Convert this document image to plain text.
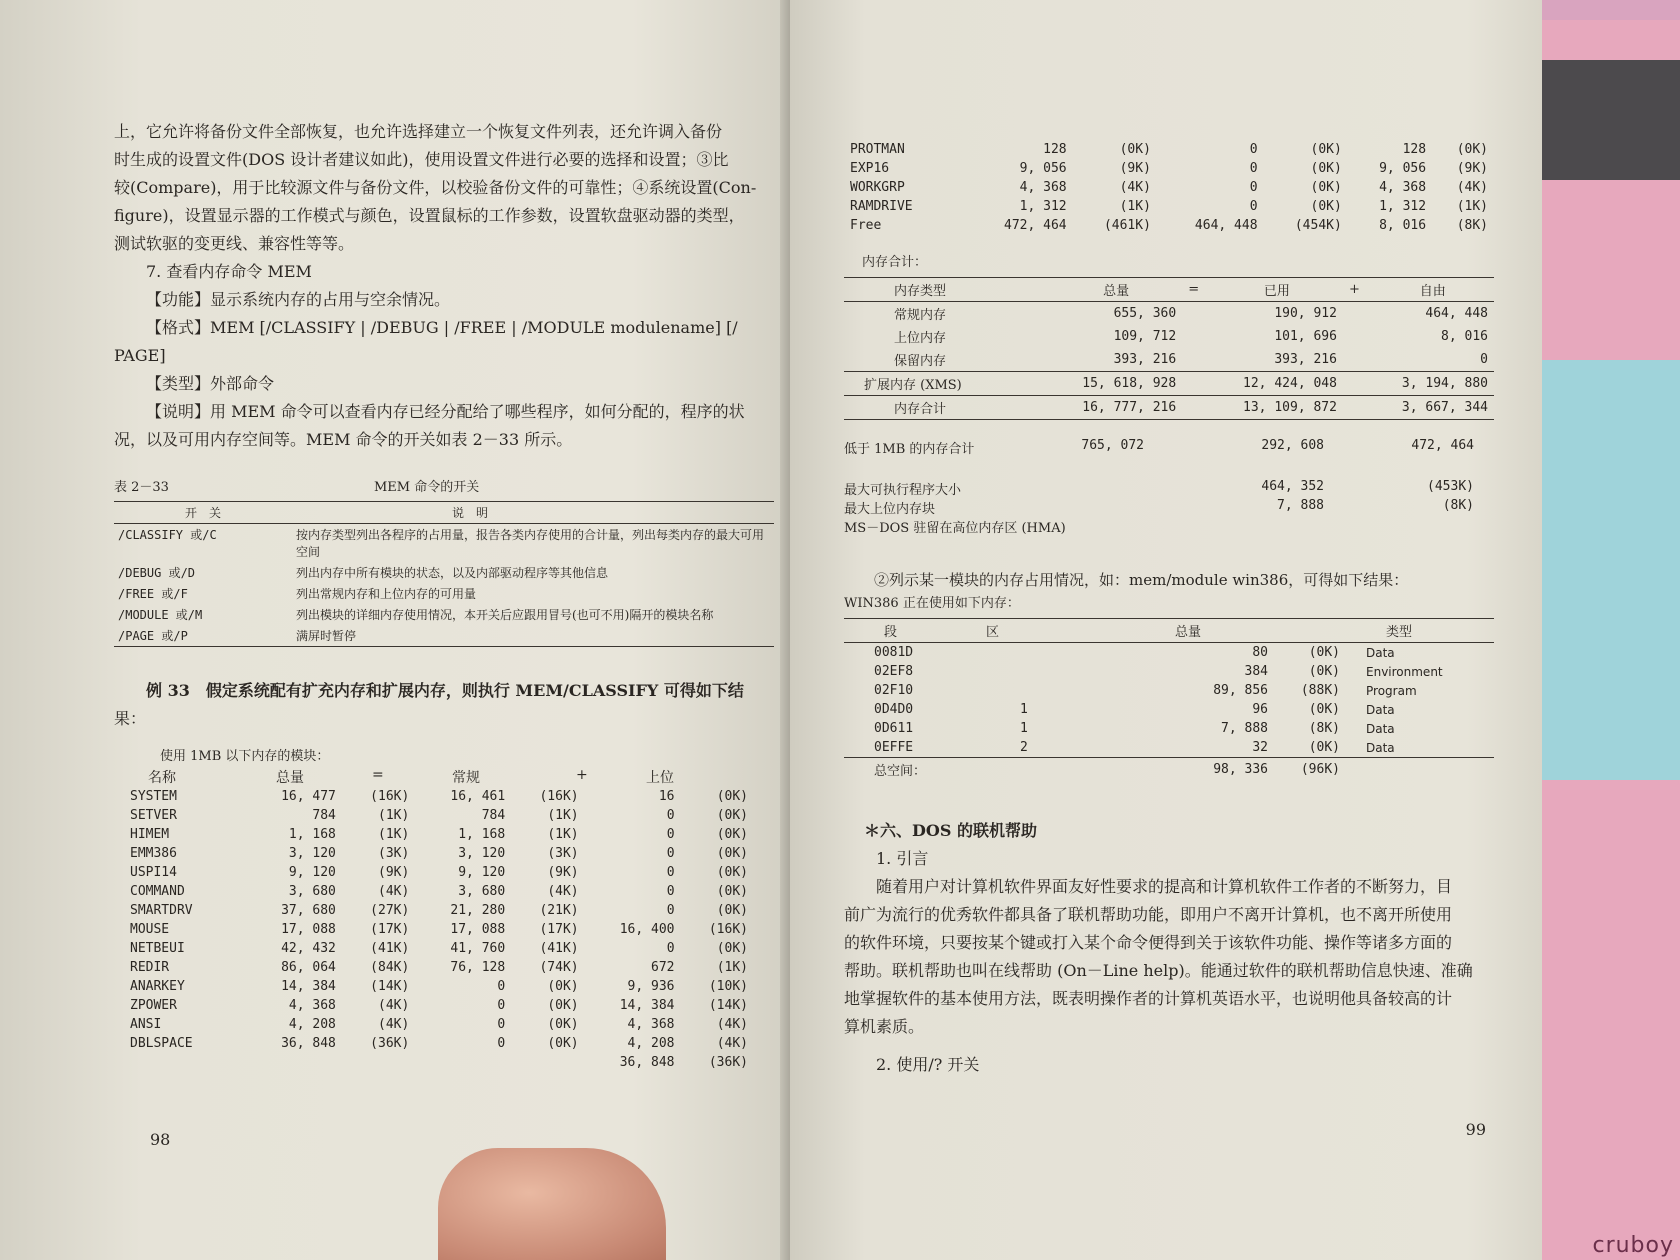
上，它允许将备份文件全部恢复，也允许选择建立一个恢复文件列表，还允许调入备份

时生成的设置文件(DOS 设计者建议如此)，使用设置文件进行必要的选择和设置；③比

较(Compare)，用于比较源文件与备份文件，以校验备份文件的可靠性；④系统设置(Con-

figure)，设置显示器的工作模式与颜色，设置鼠标的工作参数，设置软盘驱动器的类型，

测试软驱的变更线、兼容性等等。

7. 查看内存命令 MEM

【功能】显示系统内存的占用与空余情况。

【格式】MEM [/CLASSIFY | /DEBUG | /FREE | /MODULE modulename] [/

PAGE]

【类型】外部命令

【说明】用 MEM 命令可以查看内存已经分配给了哪些程序，如何分配的，程序的状

况，以及可用内存空间等。MEM 命令的开关如表 2－33 所示。

表 2－33	MEM 命令的开关
开　关	说　明
/CLASSIFY 或/C	按内存类型列出各程序的占用量，报告各类内存使用的合计量，列出每类内存的最大可用空间
/DEBUG 或/D	列出内存中所有模块的状态，以及内部驱动程序等其他信息
/FREE 或/F	列出常规内存和上位内存的可用量
/MODULE 或/M	列出模块的详细内存使用情况，本开关后应跟用冒号(也可不用)隔开的模块名称
/PAGE 或/P	满屏时暂停

例 33　假定系统配有扩充内存和扩展内存，则执行 MEM/CLASSIFY 可得如下结

果：

使用 1MB 以下内存的模块：

名称	总量	=	常规	+	上位
SYSTEM	16, 477	(16K)	16, 461	(16K)	16	(0K)
SETVER	784	(1K)	784	(1K)	0	(0K)
HIMEM	1, 168	(1K)	1, 168	(1K)	0	(0K)
EMM386	3, 120	(3K)	3, 120	(3K)	0	(0K)
USPI14	9, 120	(9K)	9, 120	(9K)	0	(0K)
COMMAND	3, 680	(4K)	3, 680	(4K)	0	(0K)
SMARTDRV	37, 680	(27K)	21, 280	(21K)	0	(0K)
MOUSE	17, 088	(17K)	17, 088	(17K)	16, 400	(16K)
NETBEUI	42, 432	(41K)	41, 760	(41K)	0	(0K)
REDIR	86, 064	(84K)	76, 128	(74K)	672	(1K)
ANARKEY	14, 384	(14K)	0	(0K)	9, 936	(10K)
ZPOWER	4, 368	(4K)	0	(0K)	14, 384	(14K)
ANSI	4, 208	(4K)	0	(0K)	4, 368	(4K)
DBLSPACE	36, 848	(36K)	0	(0K)	4, 208	(4K)
					36, 848	(36K)
98
PROTMAN	128	(0K)	0	(0K)	128	(0K)
EXP16	9, 056	(9K)	0	(0K)	9, 056	(9K)
WORKGRP	4, 368	(4K)	0	(0K)	4, 368	(4K)
RAMDRIVE	1, 312	(1K)	0	(0K)	1, 312	(1K)
Free	472, 464	(461K)	464, 448	(454K)	8, 016	(8K)

内存合计：

内存类型	总量	=	已用	+	自由
常规内存	655, 360		190, 912		464, 448
上位内存	109, 712		101, 696		8, 016
保留内存	393, 216		393, 216		0
扩展内存 (XMS)	15, 618, 928		12, 424, 048		3, 194, 880
内存合计	16, 777, 216		13, 109, 872		3, 667, 344
低于 1MB 的内存合计	765, 072	292, 608	472, 464
最大可执行程序大小	464, 352	(453K)
最大上位内存块	7, 888	(8K)
MS－DOS 驻留在高位内存区 (HMA)

②列示某一模块的内存占用情况，如：mem/module win386，可得如下结果：

WIN386 正在使用如下内存：

段	区	总量		类型
0081D		80	(0K)	Data
02EF8		384	(0K)	Environment
02F10		89, 856	(88K)	Program
0D4D0	1	96	(0K)	Data
0D611	1	7, 888	(8K)	Data
0EFFE	2	32	(0K)	Data
总空间：		98, 336	(96K)	

＊六、DOS 的联机帮助

1. 引言

随着用户对计算机软件界面友好性要求的提高和计算机软件工作者的不断努力，目

前广为流行的优秀软件都具备了联机帮助功能，即用户不离开计算机，也不离开所使用

的软件环境，只要按某个键或打入某个命令便得到关于该软件功能、操作等诸多方面的

帮助。联机帮助也叫在线帮助 (On－Line help)。能通过软件的联机帮助信息快速、准确

地掌握软件的基本使用方法，既表明操作者的计算机英语水平，也说明他具备较高的计

算机素质。

2. 使用/? 开关

99
cruboy
